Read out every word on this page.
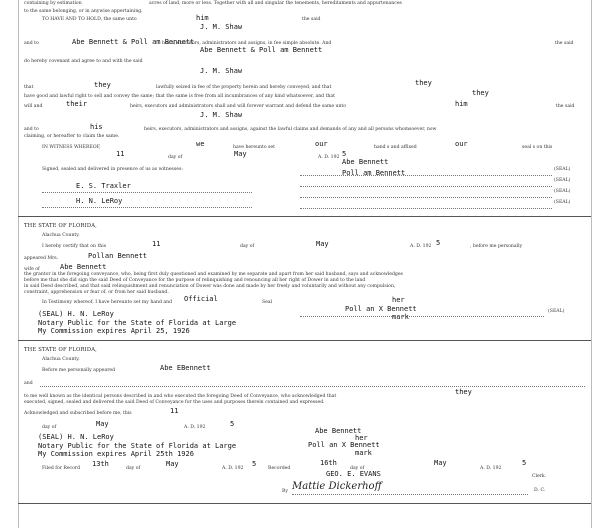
containing by estimation	acres of land, more or less. Together with all and singular the tenements, hereditaments and appurtenances
to the same belonging, or in anywise appertaining.
TO HAVE AND TO HOLD, the same unto	him	the said
J. M. Shaw
and to	Abe Bennett & Poll am Bennett
heirs, executors, administrators and assigns, in fee simple absolute. And	the said
Abe Bennett & Poll am Bennett
do hereby covenant and agree to and with the said
J. M. Shaw
that	they	lawfully seized in fee of the property herein and hereby conveyed, and that
they
have good and lawful right to sell and convey the same; that the same is free from all incumbrances of any kind whatsoever, and that	they
will and	their	heirs, executors and administrators shall and will forever warrant and defend the same unto	him	the said
J. M. Shaw
and to	his	heirs, executors, administrators and assigns, against the lawful claims and demands of any and all persons whomsoever, now
claiming, or hereafter to claim the same.
IN WITNESS WHEREOF,	we	have hereunto set	our	hand s and affixed	our	seal s on this
11	day of	May	A. D. 192 5
Signed, sealed and delivered in presence of us as witnesses:
Abe Bennett
Poll am Bennett
E. S. Traxler
H. N. LeRoy
(SEAL)
(SEAL)
(SEAL)
(SEAL)
THE STATE OF FLORIDA,
Alachua County.
I hereby certify that on this	11	day of	May	A. D. 192 5	, before me personally
appeared Mrs.	Pollan Bennett
wife of	Abe Bennett
the grantor in the foregoing conveyance, who, being first duly questioned and examined by me separate and apart from her said husband, says and acknowledges
before me that she did sign the said Deed of Conveyance for the purpose of relinquishing and renouncing all her right of Dower in and to the land
in said Deed described, and that said relinquishment and renunciation of Dower was done and made by her freely and voluntarily and without any compulsion,
constraint, apprehension or fear of, or from her said husband.
In Testimony whereof, I have hereunto set my hand and Official	Seal	her
Poll an X Bennett
mark
(SEAL)
(SEAL) H. N. LeRoy
Notary Public for the State of Florida at Large
My Commission expires April 25, 1926
THE STATE OF FLORIDA,
Alachua County.
Before me personally appeared	Abe EBennett
and
to me well known as the identical persons described in and who executed the foregoing Deed of Conveyance, who acknowledged that
they
executed, signed, sealed and delivered the said Deed of Conveyance for the uses and purposes therein contained and expressed.
Acknowledged and subscribed before me, this	11
day of	May	A. D. 192	5
(SEAL) H. N. LeRoy
Notary Public for the State of Florida at Large
My Commission expires April 25th 1926
Abe Bennett
her
Poll an X Bennett
mark
Filed for Record
13th
day of
May
A. D. 192
5
Recorded
16th
day of
May
A. D. 192
5
GEO. E. EVANS	Clerk.
By Mattie Dickerhoff	D. C.
